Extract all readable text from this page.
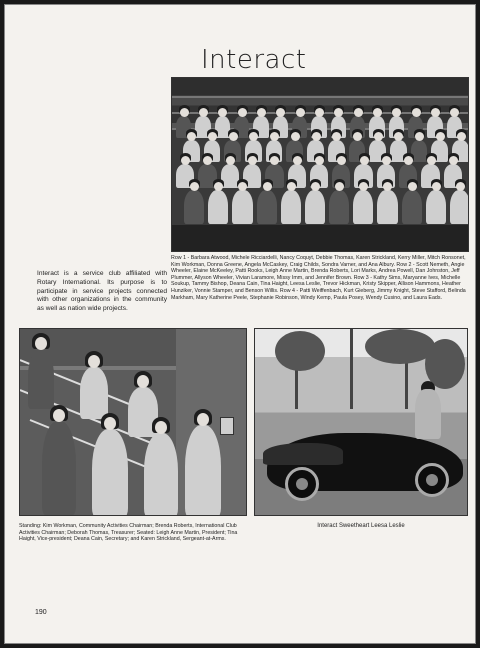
Interact
Row 1 - Barbara Atwood, Michele Ricciardelli, Nancy Coquyt, Debbie Thomas, Karen Strickland, Kerry Miller, Mitch Ronsonet, Kim Workman, Donna Greene, Angela McCaskey, Craig Childs, Sondra Varner, and Ana Albury. Row 2 - Scott Nemeth, Angie Wheeler, Elaine McKeeley, Patti Rooks, Leigh Anne Martin, Brenda Roberts, Lori Marks, Andrea Powell, Dan Johnston, Jeff Plummer, Allyson Wheeler, Vivian Laramore, Missy Imm, and Jennifer Brown. Row 3 - Kathy Sims, Maryanne Ives, Michelle Soukup, Tammy Bishop, Deana Cain, Tina Haight, Leesa Leslie, Trevor Hickman, Kristy Skipper, Allison Hammons, Heather Hunziker, Vonnie Stamper, and Benson Willis. Row 4 - Patti Weiffenbach, Kurt Gieberg, Jimmy Knight, Steve Stafford, Belinda Markham, Mary Katherine Peele, Stephanie Robinson, Windy Kemp, Paula Posey, Wendy Cusino, and Laura Eads.
Interact is a service club affiliated with Rotary International. Its purpose is to participate in service projects connected with other organizations in the community as well as nation wide projects.
Standing: Kim Workman, Community Activities Chairman; Brenda Roberts, International Club Activities Chairman; Deborah Thomas, Treasurer; Seated: Leigh Anne Martin, President; Tina Haight, Vice-president; Deana Cain, Secretary; and Karen Strickland, Sergeant-at-Arms.
Interact Sweetheart Leesa Leslie
190
